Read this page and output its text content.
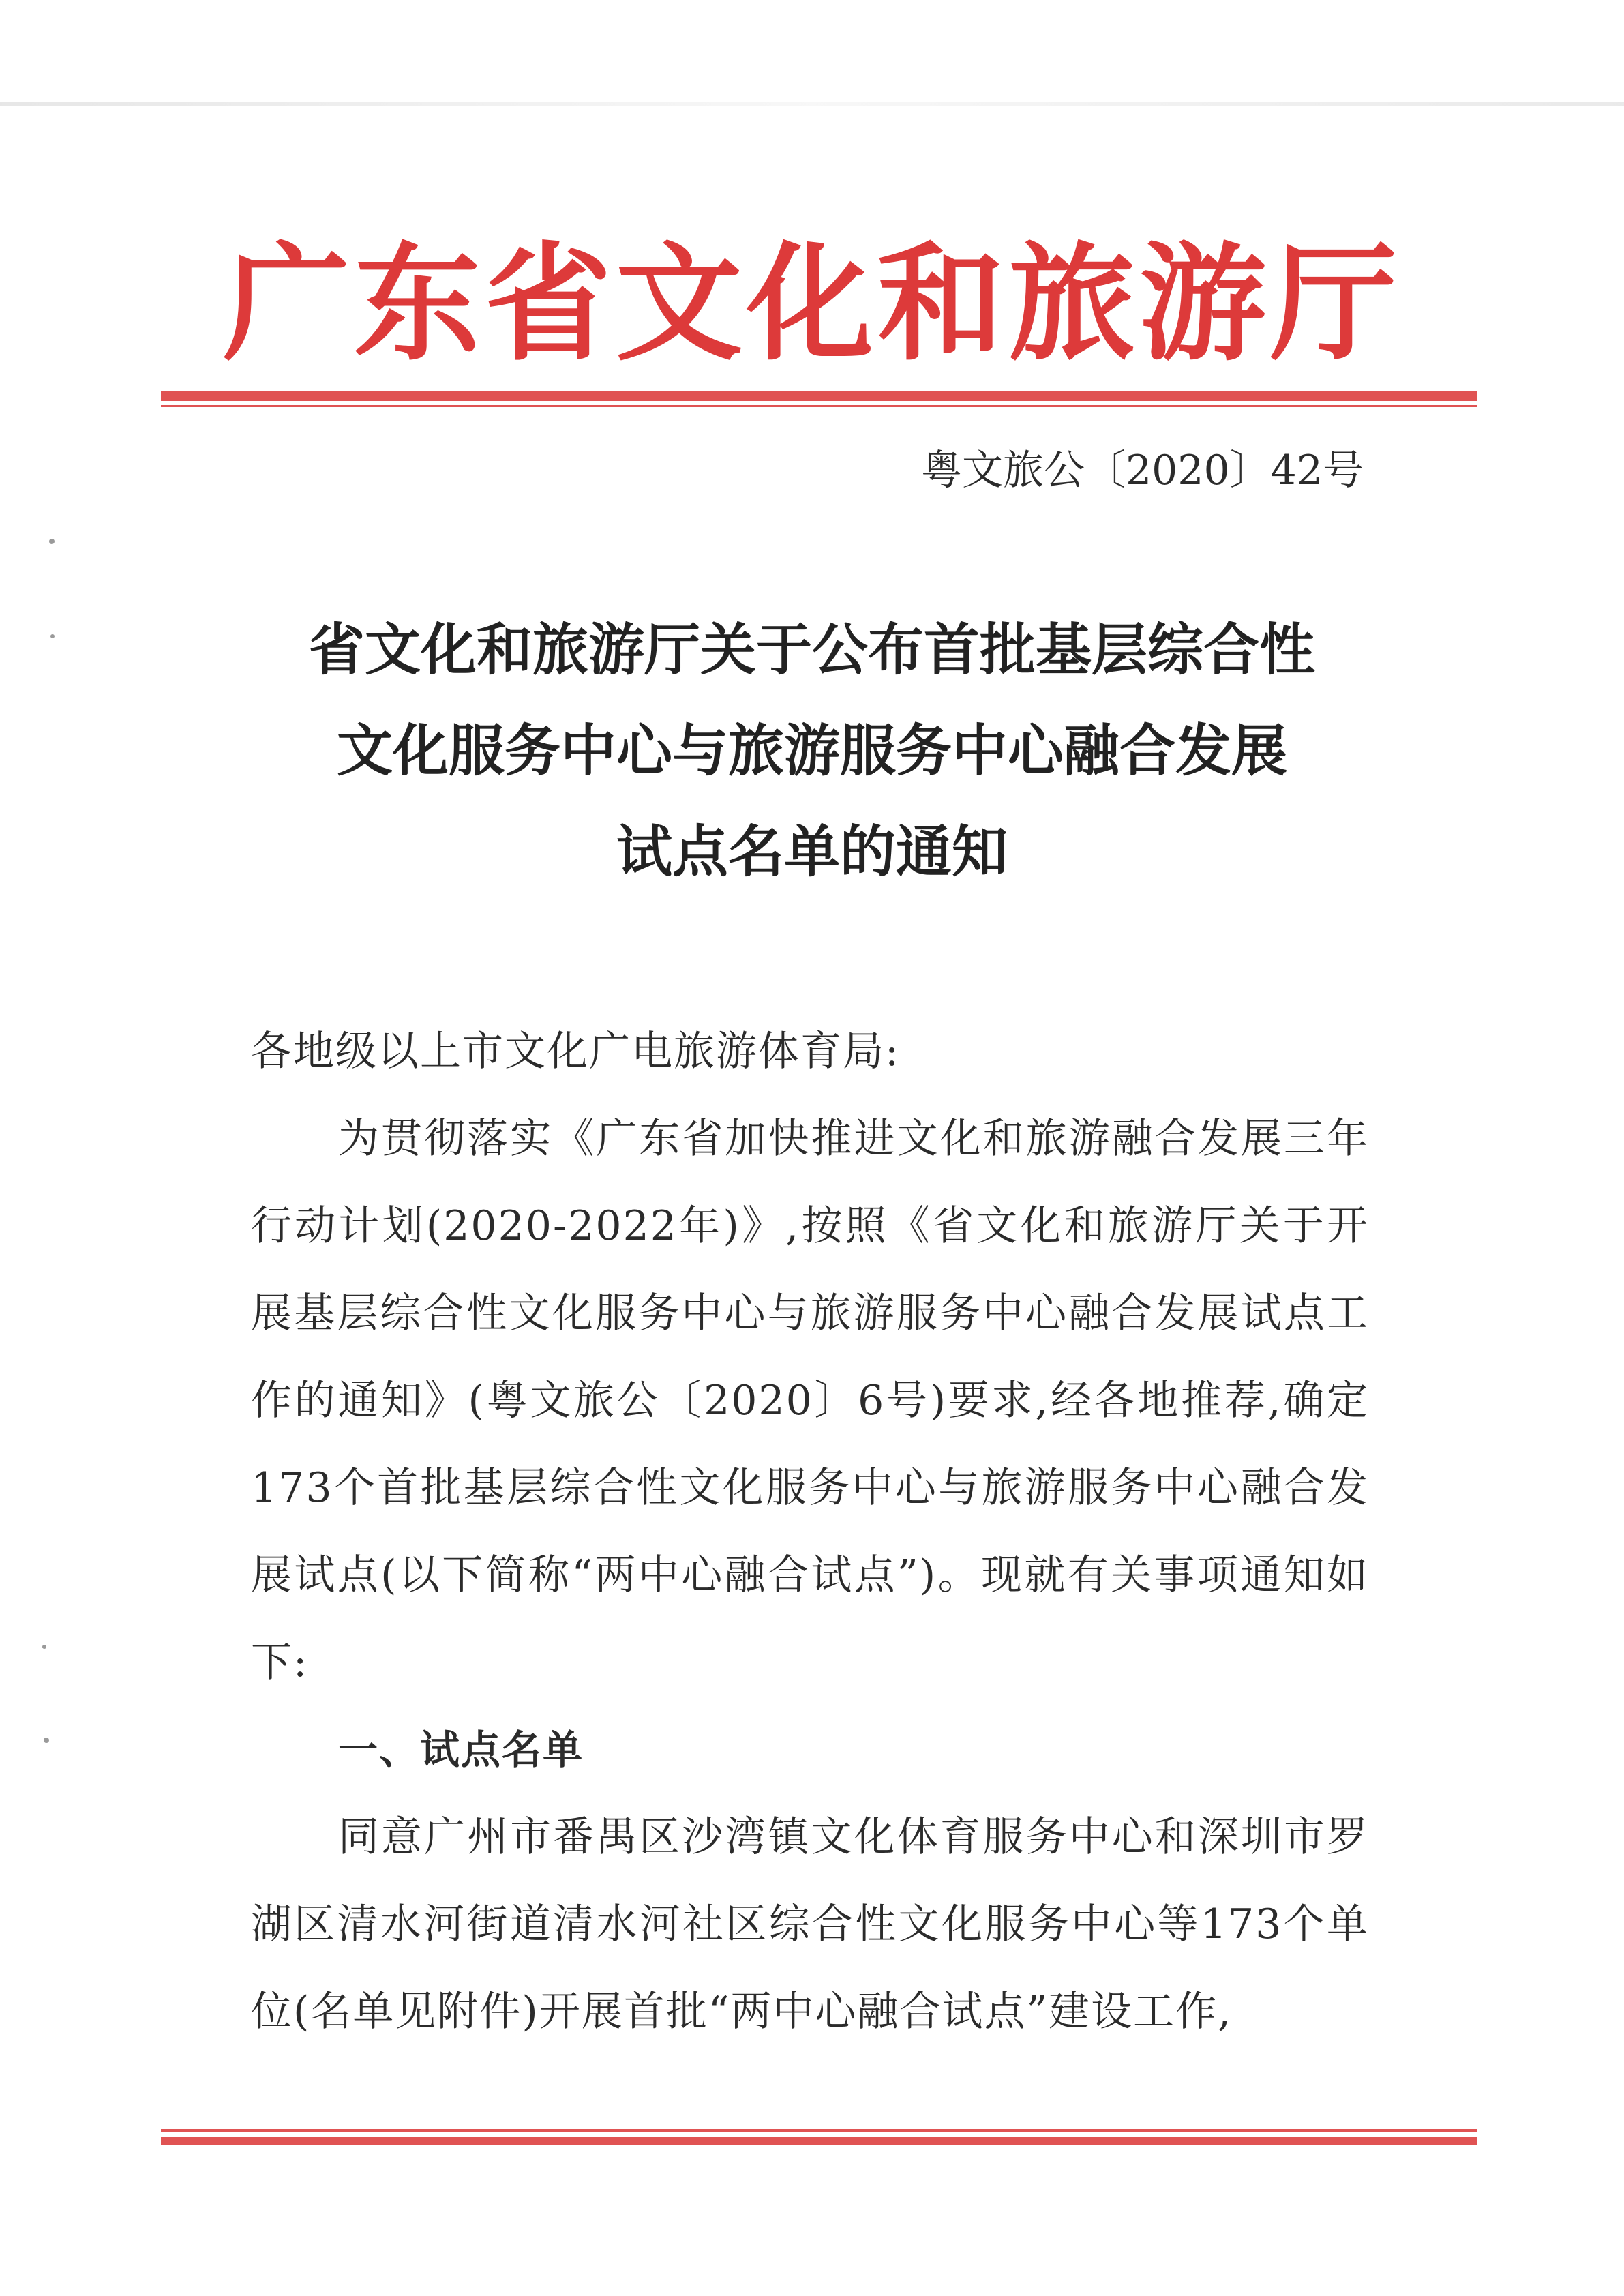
广东省文化和旅游厅
粤文旅公〔2020〕42号
省文化和旅游厅关于公布首批基层综合性
文化服务中心与旅游服务中心融合发展
试点名单的通知

各地级以上市文化广电旅游体育局:

为贯彻落实《广东省加快推进文化和旅游融合发展三年行动计划(2020-2022年)》,按照《省文化和旅游厅关于开展基层综合性文化服务中心与旅游服务中心融合发展试点工作的通知》(粤文旅公〔2020〕6号)要求,经各地推荐,确定173个首批基层综合性文化服务中心与旅游服务中心融合发展试点(以下简称“两中心融合试点”)。现就有关事项通知如下:

一、试点名单

同意广州市番禺区沙湾镇文化体育服务中心和深圳市罗湖区清水河街道清水河社区综合性文化服务中心等173个单位(名单见附件)开展首批“两中心融合试点”建设工作,
